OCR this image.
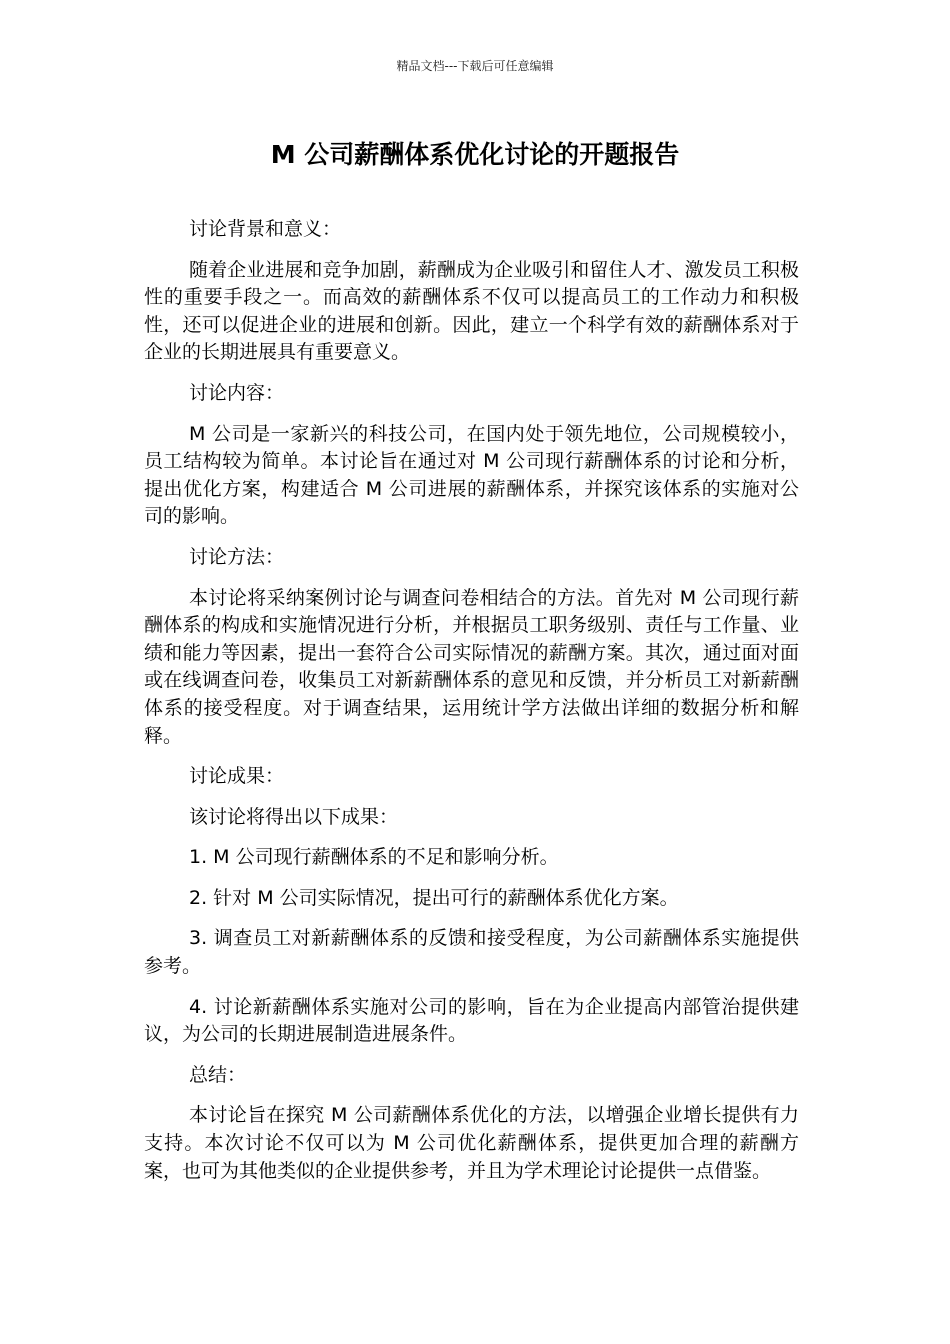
精品文档---下载后可任意编辑
M 公司薪酬体系优化讨论的开题报告

讨论背景和意义：

随着企业进展和竞争加剧，薪酬成为企业吸引和留住人才、激发员工积极性的重要手段之一。而高效的薪酬体系不仅可以提高员工的工作动力和积极性，还可以促进企业的进展和创新。因此，建立一个科学有效的薪酬体系对于企业的长期进展具有重要意义。

讨论内容：

M 公司是一家新兴的科技公司，在国内处于领先地位，公司规模较小，员工结构较为简单。本讨论旨在通过对 M 公司现行薪酬体系的讨论和分析，提出优化方案，构建适合 M 公司进展的薪酬体系，并探究该体系的实施对公司的影响。

讨论方法：

本讨论将采纳案例讨论与调查问卷相结合的方法。首先对 M 公司现行薪酬体系的构成和实施情况进行分析，并根据员工职务级别、责任与工作量、业绩和能力等因素，提出一套符合公司实际情况的薪酬方案。其次，通过面对面或在线调查问卷，收集员工对新薪酬体系的意见和反馈，并分析员工对新薪酬体系的接受程度。对于调查结果，运用统计学方法做出详细的数据分析和解释。

讨论成果：

该讨论将得出以下成果：

1. M 公司现行薪酬体系的不足和影响分析。

2. 针对 M 公司实际情况，提出可行的薪酬体系优化方案。

3. 调查员工对新薪酬体系的反馈和接受程度，为公司薪酬体系实施提供参考。

4. 讨论新薪酬体系实施对公司的影响，旨在为企业提高内部管治提供建议，为公司的长期进展制造进展条件。

总结：

本讨论旨在探究 M 公司薪酬体系优化的方法，以增强企业增长提供有力支持。本次讨论不仅可以为 M 公司优化薪酬体系，提供更加合理的薪酬方案，也可为其他类似的企业提供参考，并且为学术理论讨论提供一点借鉴。
